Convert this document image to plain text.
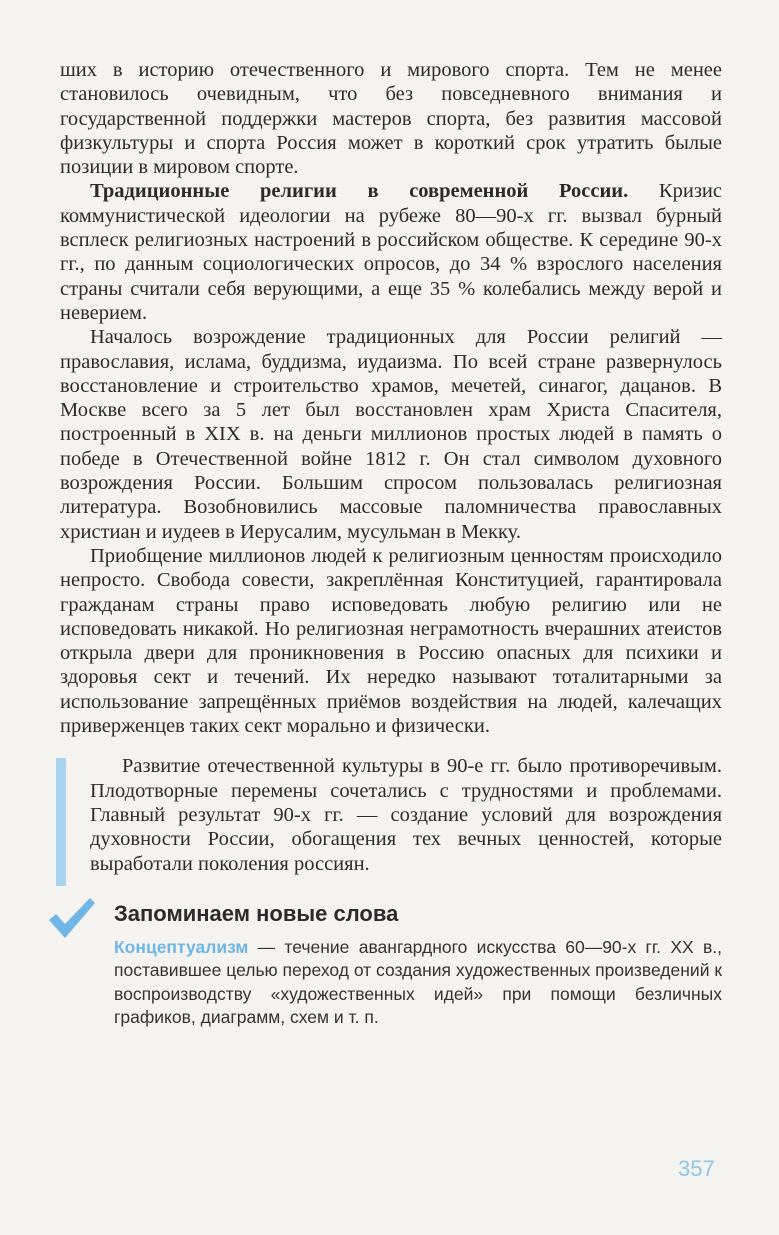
ших в историю отечественного и мирового спорта. Тем не менее становилось очевидным, что без повседневного внимания и государственной поддержки мастеров спорта, без развития массовой физкультуры и спорта Россия может в короткий срок утратить былые позиции в мировом спорте.

Традиционные религии в современной России. Кризис коммунистической идеологии на рубеже 80—90-х гг. вызвал бурный всплеск религиозных настроений в российском обществе. К середине 90-х гг., по данным социологических опросов, до 34 % взрослого населения страны считали себя верующими, а еще 35 % колебались между верой и неверием.

Началось возрождение традиционных для России религий — православия, ислама, буддизма, иудаизма. По всей стране развернулось восстановление и строительство храмов, мечетей, синагог, дацанов. В Москве всего за 5 лет был восстановлен храм Христа Спасителя, построенный в XIX в. на деньги миллионов простых людей в память о победе в Отечественной войне 1812 г. Он стал символом духовного возрождения России. Большим спросом пользовалась религиозная литература. Возобновились массовые паломничества православных христиан и иудеев в Иерусалим, мусульман в Мекку.

Приобщение миллионов людей к религиозным ценностям происходило непросто. Свобода совести, закреплённая Конституцией, гарантировала гражданам страны право исповедовать любую религию или не исповедовать никакой. Но религиозная неграмотность вчерашних атеистов открыла двери для проникновения в Россию опасных для психики и здоровья сект и течений. Их нередко называют тоталитарными за использование запрещённых приёмов воздействия на людей, калечащих приверженцев таких сект морально и физически.

Развитие отечественной культуры в 90-е гг. было противоречивым. Плодотворные перемены сочетались с трудностями и проблемами. Главный результат 90-х гг. — создание условий для возрождения духовности России, обогащения тех вечных ценностей, которые выработали поколения россиян.

Запоминаем новые слова
Концептуализм — течение авангардного искусства 60—90-х гг. XX в., поставившее целью переход от создания художественных произведений к воспроизводству «художественных идей» при помощи безличных графиков, диаграмм, схем и т. п.
357
